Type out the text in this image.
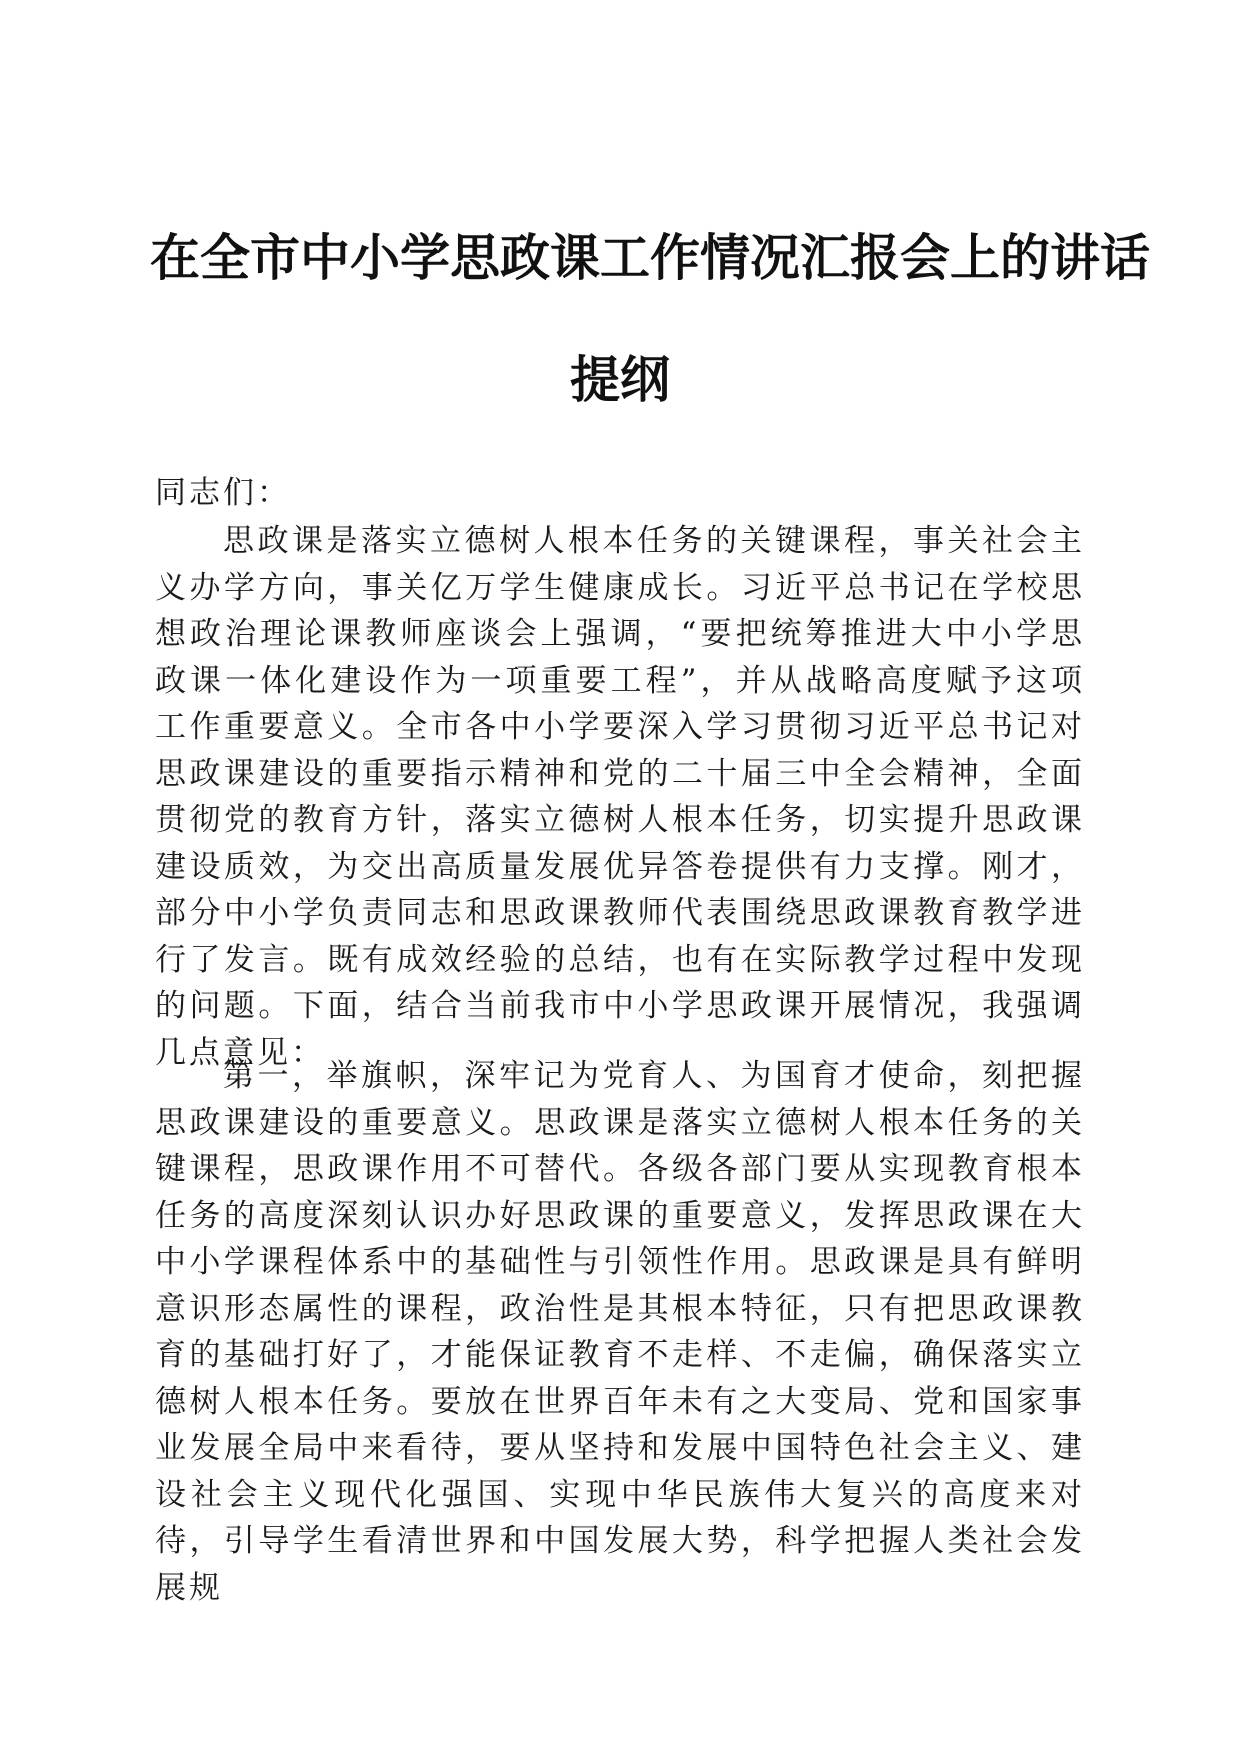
在全市中小学思政课工作情况汇报会上的讲话
提纲
同志们：
思政课是落实立德树人根本任务的关键课程，事关社会主义办学方向，事关亿万学生健康成长。习近平总书记在学校思想政治理论课教师座谈会上强调，“要把统筹推进大中小学思政课一体化建设作为一项重要工程”，并从战略高度赋予这项工作重要意义。全市各中小学要深入学习贯彻习近平总书记对思政课建设的重要指示精神和党的二十届三中全会精神，全面贯彻党的教育方针，落实立德树人根本任务，切实提升思政课建设质效，为交出高质量发展优异答卷提供有力支撑。刚才，部分中小学负责同志和思政课教师代表围绕思政课教育教学进行了发言。既有成效经验的总结，也有在实际教学过程中发现的问题。下面，结合当前我市中小学思政课开展情况，我强调几点意见：
第一，举旗帜，深牢记为党育人、为国育才使命，刻把握思政课建设的重要意义。思政课是落实立德树人根本任务的关键课程，思政课作用不可替代。各级各部门要从实现教育根本任务的高度深刻认识办好思政课的重要意义，发挥思政课在大中小学课程体系中的基础性与引领性作用。思政课是具有鲜明意识形态属性的课程，政治性是其根本特征，只有把思政课教育的基础打好了，才能保证教育不走样、不走偏，确保落实立德树人根本任务。要放在世界百年未有之大变局、党和国家事业发展全局中来看待，要从坚持和发展中国特色社会主义、建设社会主义现代化强国、实现中华民族伟大复兴的高度来对待，引导学生看清世界和中国发展大势，科学把握人类社会发展规
